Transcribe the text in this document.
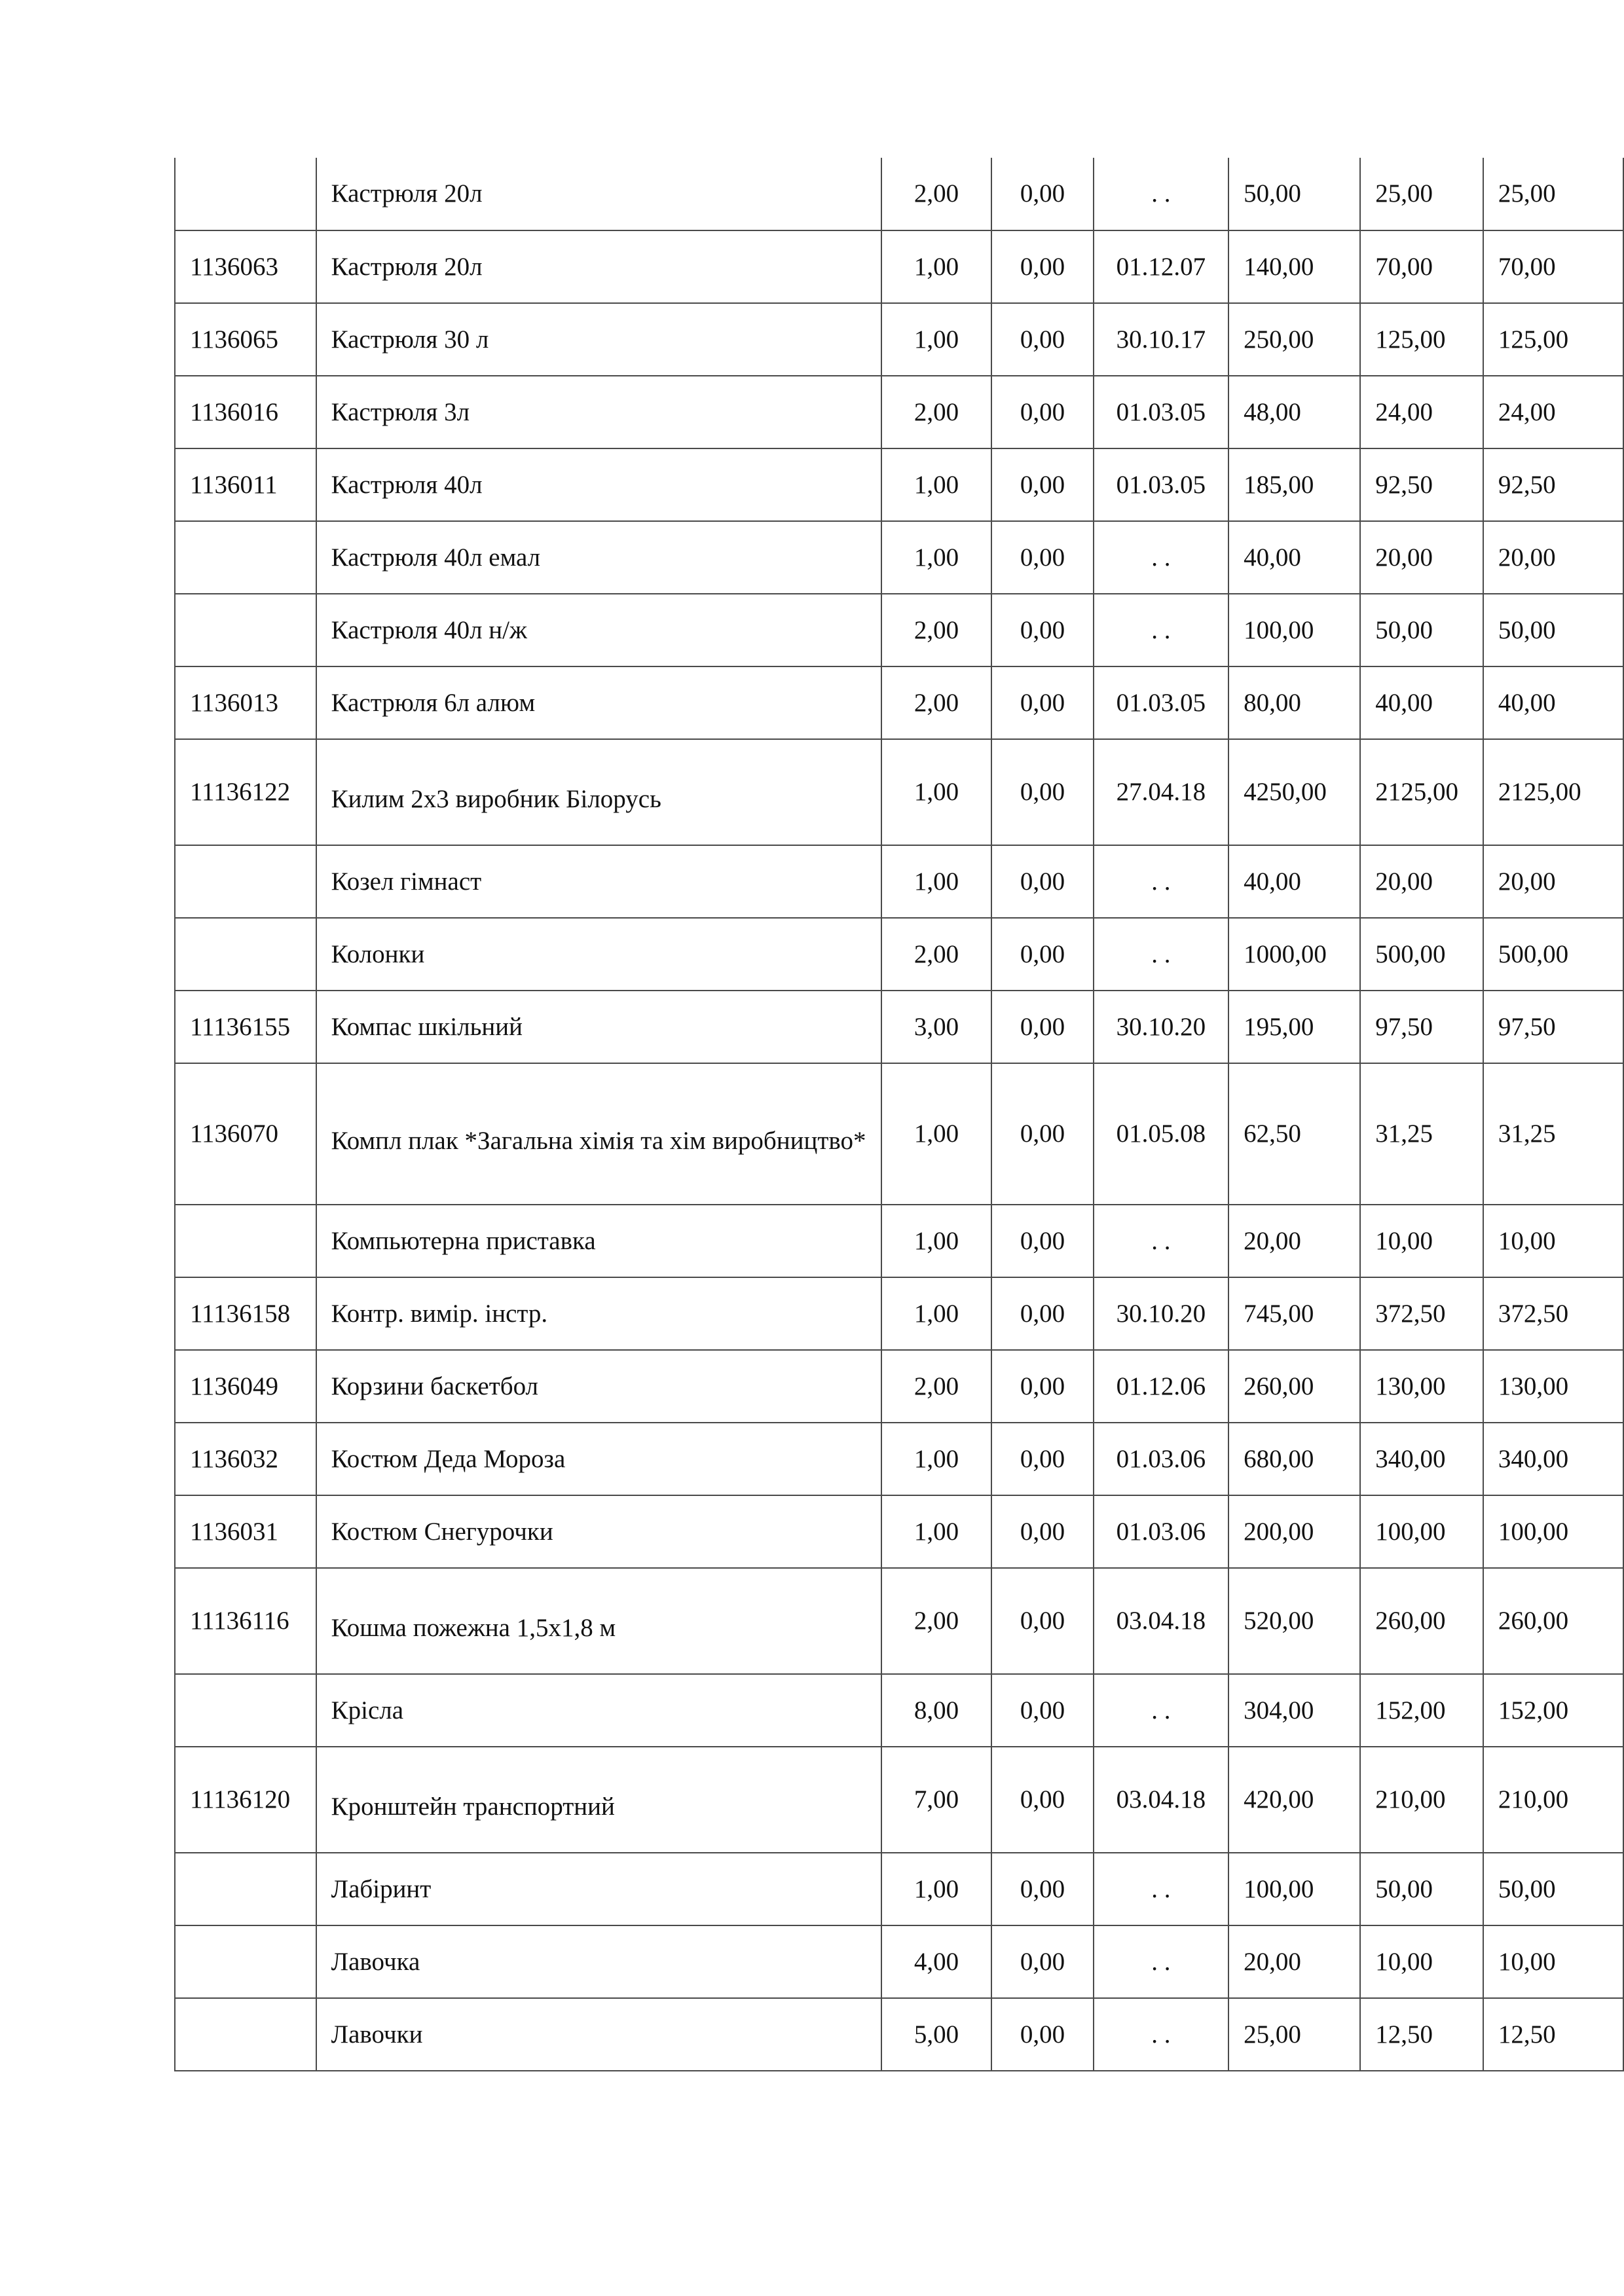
	Кастрюля 20л	2,00	0,00	. .	50,00	25,00	25,00
1136063	Кастрюля 20л	1,00	0,00	01.12.07	140,00	70,00	70,00
1136065	Кастрюля 30 л	1,00	0,00	30.10.17	250,00	125,00	125,00
1136016	Кастрюля 3л	2,00	0,00	01.03.05	48,00	24,00	24,00
1136011	Кастрюля 40л	1,00	0,00	01.03.05	185,00	92,50	92,50
	Кастрюля 40л емал	1,00	0,00	. .	40,00	20,00	20,00
	Кастрюля 40л н/ж	2,00	0,00	. .	100,00	50,00	50,00
1136013	Кастрюля 6л алюм	2,00	0,00	01.03.05	80,00	40,00	40,00
11136122	Килим 2х3 виробник Білорусь	1,00	0,00	27.04.18	4250,00	2125,00	2125,00
	Козел гімнаст	1,00	0,00	. .	40,00	20,00	20,00
	Колонки	2,00	0,00	. .	1000,00	500,00	500,00
11136155	Компас шкільний	3,00	0,00	30.10.20	195,00	97,50	97,50
1136070	Компл плак *Загальна хімія та хім виробництво*	1,00	0,00	01.05.08	62,50	31,25	31,25
	Компьютерна приставка	1,00	0,00	. .	20,00	10,00	10,00
11136158	Контр. вимір. інстр.	1,00	0,00	30.10.20	745,00	372,50	372,50
1136049	Корзини баскетбол	2,00	0,00	01.12.06	260,00	130,00	130,00
1136032	Костюм Деда Мороза	1,00	0,00	01.03.06	680,00	340,00	340,00
1136031	Костюм Снегурочки	1,00	0,00	01.03.06	200,00	100,00	100,00
11136116	Кошма пожежна 1,5х1,8 м	2,00	0,00	03.04.18	520,00	260,00	260,00
	Крісла	8,00	0,00	. .	304,00	152,00	152,00
11136120	Кронштейн транспортний	7,00	0,00	03.04.18	420,00	210,00	210,00
	Лабіринт	1,00	0,00	. .	100,00	50,00	50,00
	Лавочка	4,00	0,00	. .	20,00	10,00	10,00
	Лавочки	5,00	0,00	. .	25,00	12,50	12,50
